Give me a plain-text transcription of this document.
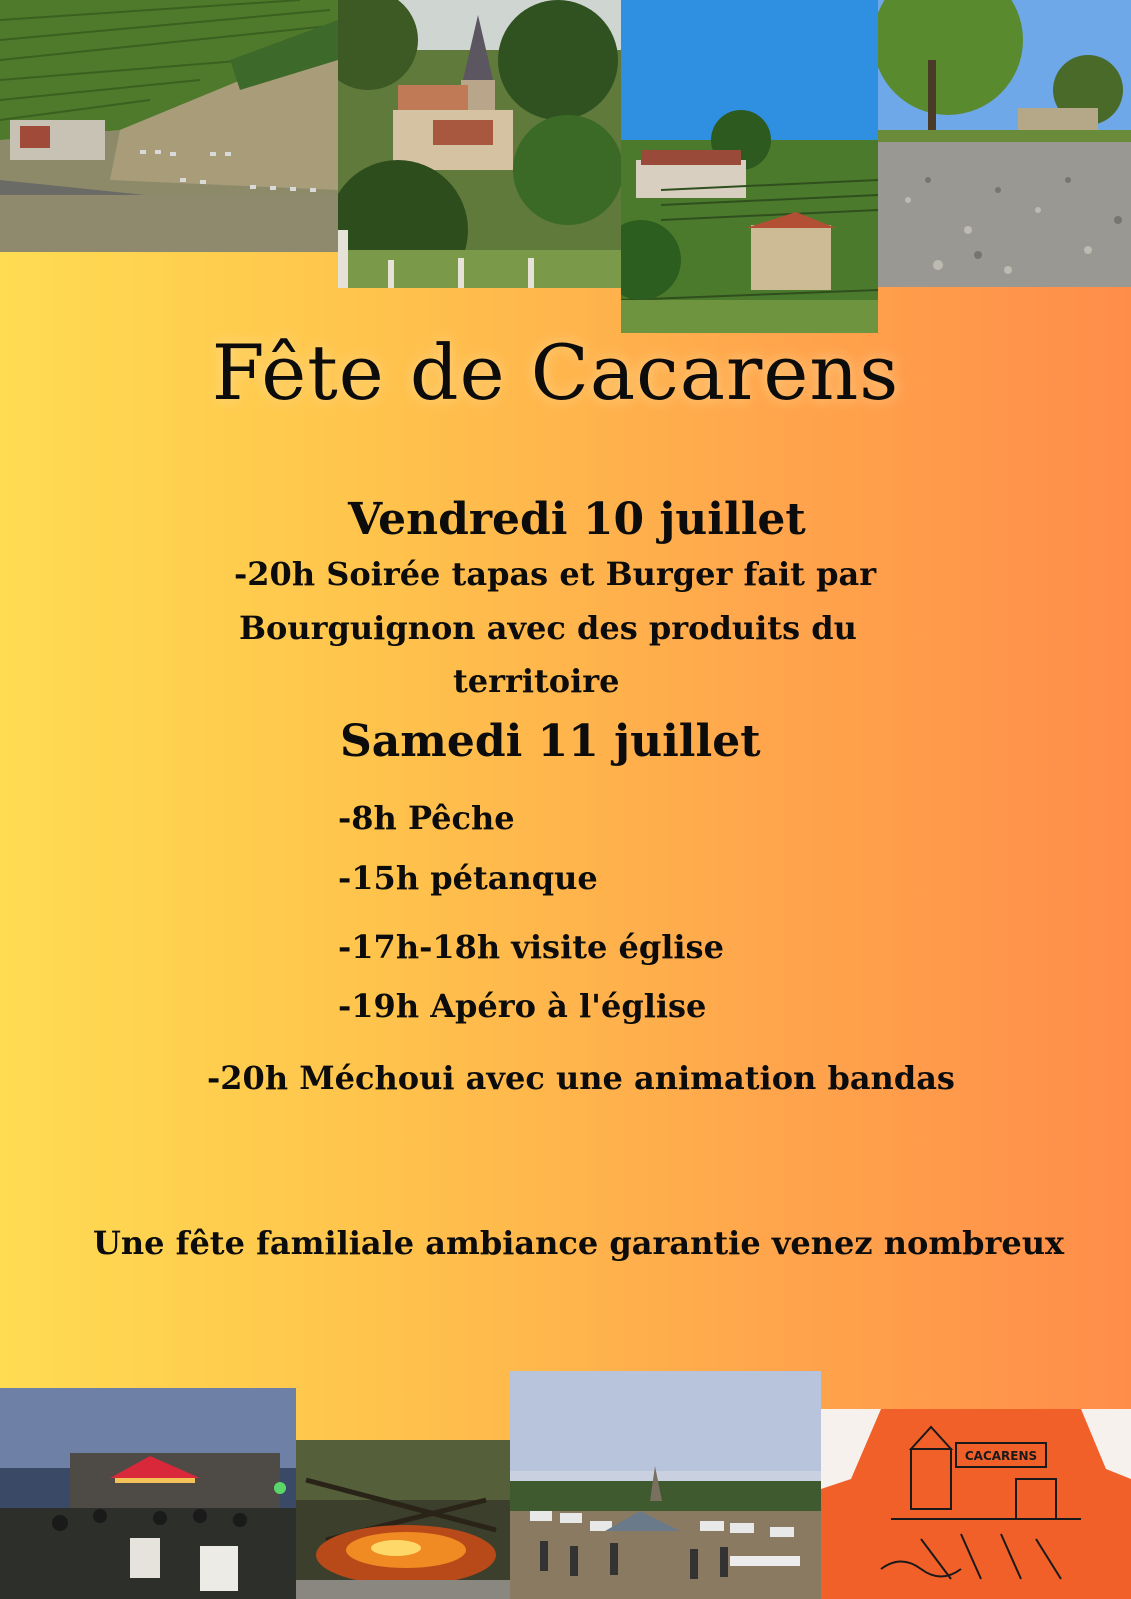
Fête de Cacarens
Vendredi 10 juillet
-20h Soirée tapas et Burger fait par
Bourguignon avec des produits du
territoire
Samedi 11 juillet
-8h Pêche
-15h pétanque
-17h-18h visite église
-19h Apéro à l'église
-20h Méchoui avec une animation bandas
Une fête familiale ambiance garantie venez nombreux
CACARENS
